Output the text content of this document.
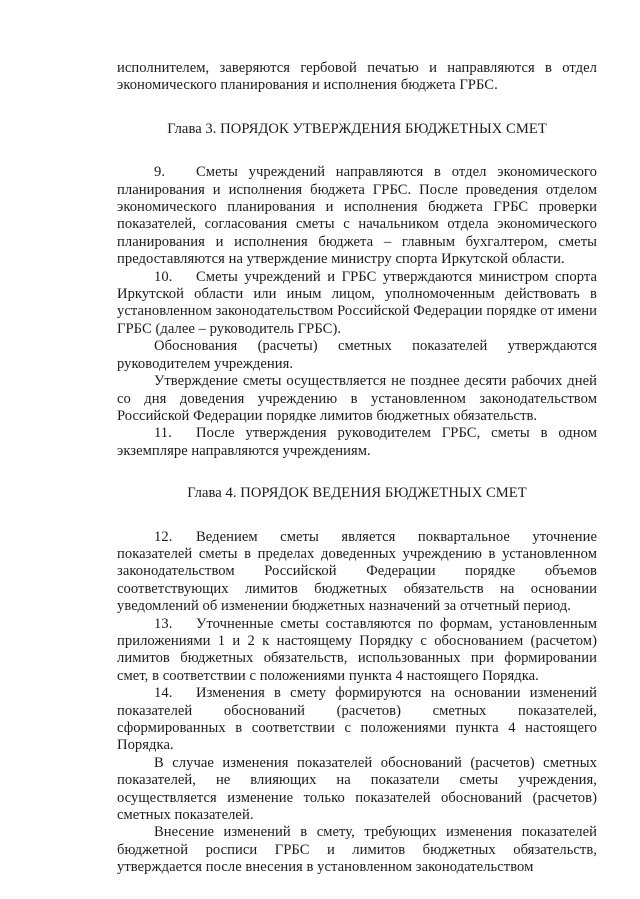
исполнителем, заверяются гербовой печатью и направляются в отдел экономического планирования и исполнения бюджета ГРБС.

Глава 3. ПОРЯДОК УТВЕРЖДЕНИЯ БЮДЖЕТНЫХ СМЕТ

9. Сметы учреждений направляются в отдел экономического планирования и исполнения бюджета ГРБС. После проведения отделом экономического планирования и исполнения бюджета ГРБС проверки показателей, согласования сметы с начальником отдела экономического планирования и исполнения бюджета – главным бухгалтером, сметы предоставляются на утверждение министру спорта Иркутской области.

10. Сметы учреждений и ГРБС утверждаются министром спорта Иркутской области или иным лицом, уполномоченным действовать в установленном законодательством Российской Федерации порядке от имени ГРБС (далее – руководитель ГРБС).

Обоснования (расчеты) сметных показателей утверждаются руководителем учреждения.

Утверждение сметы осуществляется не позднее десяти рабочих дней со дня доведения учреждению в установленном законодательством Российской Федерации порядке лимитов бюджетных обязательств.

11. После утверждения руководителем ГРБС, сметы в одном экземпляре направляются учреждениям.

Глава 4. ПОРЯДОК ВЕДЕНИЯ БЮДЖЕТНЫХ СМЕТ

12. Ведением сметы является поквартальное уточнение показателей сметы в пределах доведенных учреждению в установленном законодательством Российской Федерации порядке объемов соответствующих лимитов бюджетных обязательств на основании уведомлений об изменении бюджетных назначений за отчетный период.

13. Уточненные сметы составляются по формам, установленным приложениями 1 и 2 к настоящему Порядку с обоснованием (расчетом) лимитов бюджетных обязательств, использованных при формировании смет, в соответствии с положениями пункта 4 настоящего Порядка.

14. Изменения в смету формируются на основании изменений показателей обоснований (расчетов) сметных показателей, сформированных в соответствии с положениями пункта 4 настоящего Порядка.

В случае изменения показателей обоснований (расчетов) сметных показателей, не влияющих на показатели сметы учреждения, осуществляется изменение только показателей обоснований (расчетов) сметных показателей.

Внесение изменений в смету, требующих изменения показателей бюджетной росписи ГРБС и лимитов бюджетных обязательств, утверждается после внесения в установленном законодательством
